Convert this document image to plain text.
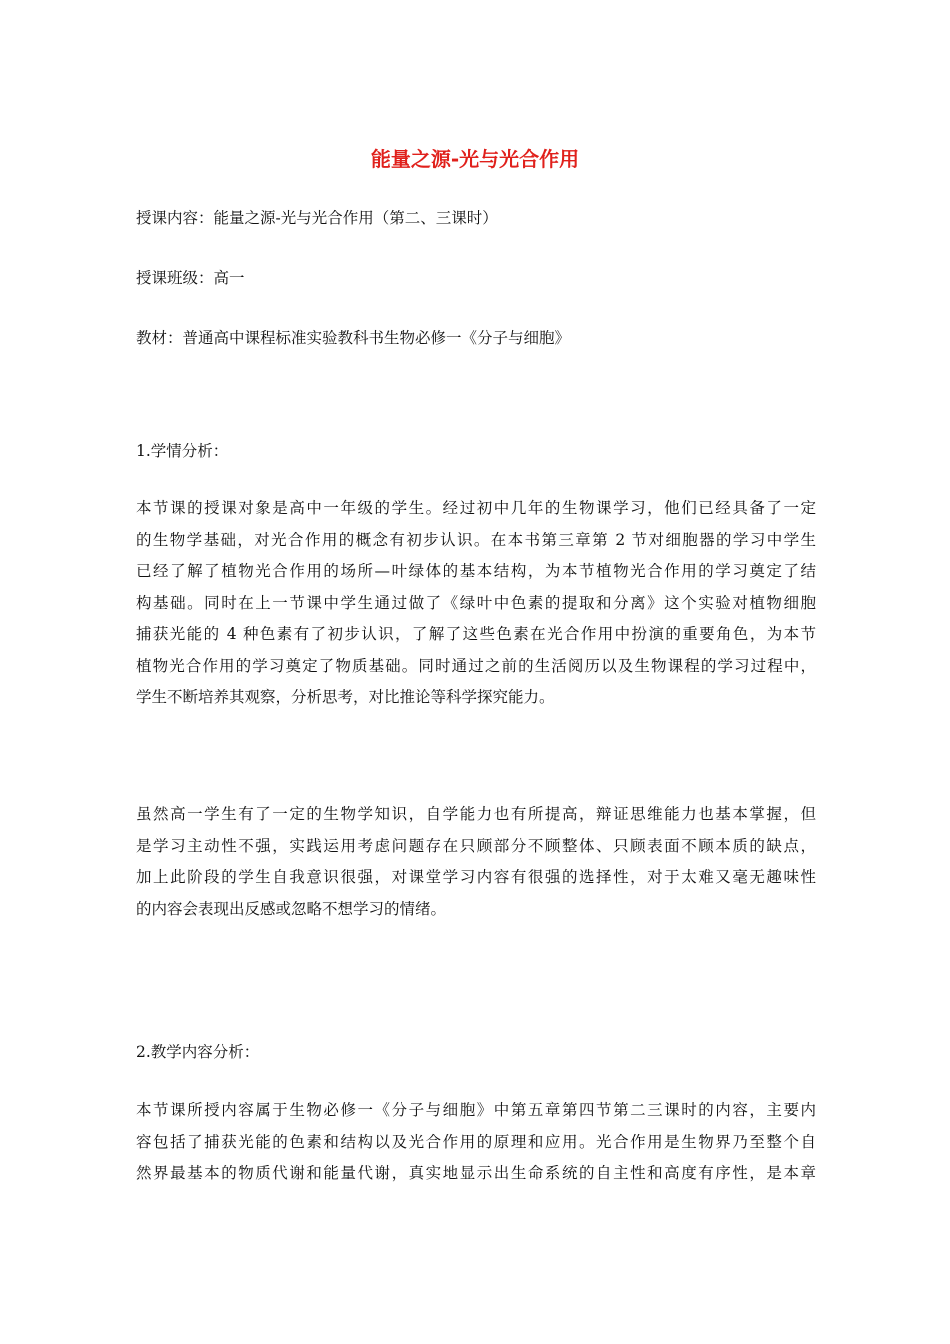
能量之源-光与光合作用

授课内容：能量之源-光与光合作用（第二、三课时）

授课班级：高一

教材：普通高中课程标准实验教科书生物必修一《分子与细胞》

1.学情分析：

本节课的授课对象是高中一年级的学生。经过初中几年的生物课学习，他们已经具备了一定
的生物学基础，对光合作用的概念有初步认识。在本书第三章第 2 节对细胞器的学习中学生
已经了解了植物光合作用的场所—叶绿体的基本结构，为本节植物光合作用的学习奠定了结
构基础。同时在上一节课中学生通过做了《绿叶中色素的提取和分离》这个实验对植物细胞
捕获光能的 4 种色素有了初步认识，了解了这些色素在光合作用中扮演的重要角色，为本节
植物光合作用的学习奠定了物质基础。同时通过之前的生活阅历以及生物课程的学习过程中，
学生不断培养其观察，分析思考，对比推论等科学探究能力。
虽然高一学生有了一定的生物学知识，自学能力也有所提高，辩证思维能力也基本掌握，但
是学习主动性不强，实践运用考虑问题存在只顾部分不顾整体、只顾表面不顾本质的缺点，
加上此阶段的学生自我意识很强，对课堂学习内容有很强的选择性，对于太难又毫无趣味性
的内容会表现出反感或忽略不想学习的情绪。

2.教学内容分析：

本节课所授内容属于生物必修一《分子与细胞》中第五章第四节第二三课时的内容，主要内
容包括了捕获光能的色素和结构以及光合作用的原理和应用。光合作用是生物界乃至整个自
然界最基本的物质代谢和能量代谢，真实地显示出生命系统的自主性和高度有序性，是本章
